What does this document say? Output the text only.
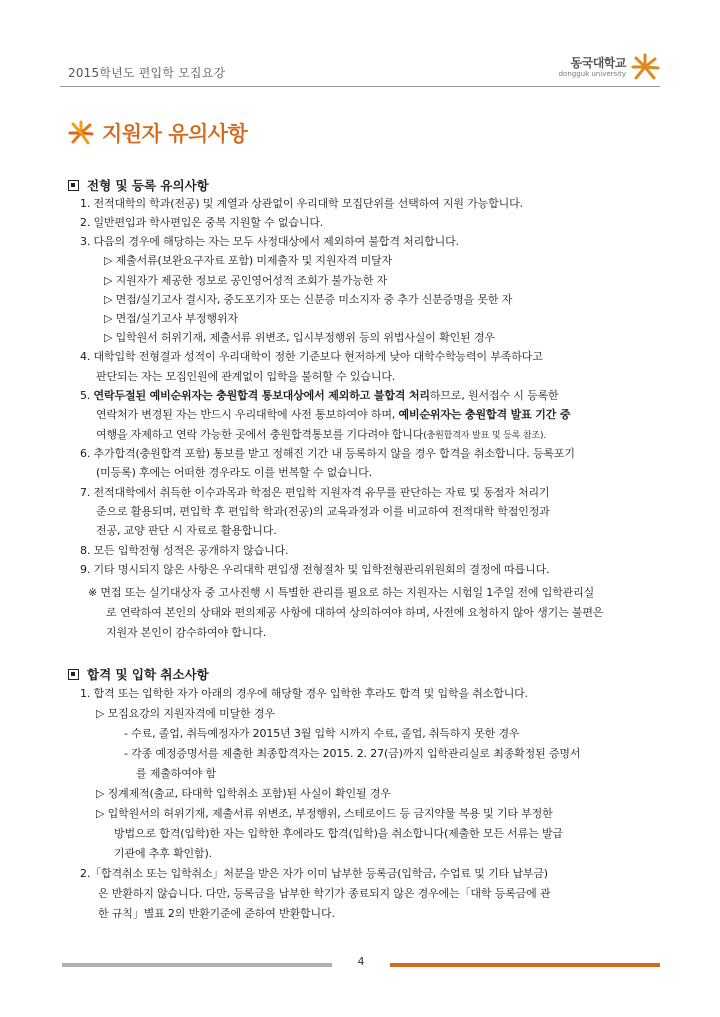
2015학년도 편입학 모집요강
동국대학교
dongguk university
지원자 유의사항
전형 및 등록 유의사항
1. 전적대학의 학과(전공) 및 계열과 상관없이 우리대학 모집단위를 선택하여 지원 가능합니다.
2. 일반편입과 학사편입은 중복 지원할 수 없습니다.
3. 다음의 경우에 해당하는 자는 모두 사정대상에서 제외하여 불합격 처리합니다.
▷ 제출서류(보완요구자료 포함) 미제출자 및 지원자격 미달자
▷ 지원자가 제공한 정보로 공인영어성적 조회가 불가능한 자
▷ 면접/실기고사 결시자, 중도포기자 또는 신분증 미소지자 중 추가 신분증명을 못한 자
▷ 면접/실기고사 부정행위자
▷ 입학원서 허위기재, 제출서류 위변조, 입시부정행위 등의 위법사실이 확인된 경우
4. 대학입학 전형결과 성적이 우리대학이 정한 기준보다 현저하게 낮아 대학수학능력이 부족하다고
판단되는 자는 모집인원에 관계없이 입학을 불허할 수 있습니다.
5. 연락두절된 예비순위자는 충원합격 통보대상에서 제외하고 불합격 처리하므로, 원서접수 시 등록한
연락처가 변경된 자는 반드시 우리대학에 사전 통보하여야 하며, 예비순위자는 충원합격 발표 기간 중
여행을 자제하고 연락 가능한 곳에서 충원합격통보를 기다려야 합니다(충원합격자 발표 및 등록 참조).
6. 추가합격(충원합격 포함) 통보를 받고 정해진 기간 내 등록하지 않을 경우 합격을 취소합니다. 등록포기
(미등록) 후에는 어떠한 경우라도 이를 번복할 수 없습니다.
7. 전적대학에서 취득한 이수과목과 학점은 편입학 지원자격 유무를 판단하는 자료 및 동점자 처리기
준으로 활용되며, 편입학 후 편입학 학과(전공)의 교육과정과 이를 비교하여 전적대학 학점인정과
전공, 교양 판단 시 자료로 활용합니다.
8. 모든 입학전형 성적은 공개하지 않습니다.
9. 기타 명시되지 않은 사항은 우리대학 편입생 전형절차 및 입학전형관리위원회의 결정에 따릅니다.
※ 면접 또는 실기대상자 중 고사진행 시 특별한 관리를 필요로 하는 지원자는 시험일 1주일 전에 입학관리실
로 연락하여 본인의 상태와 편의제공 사항에 대하여 상의하여야 하며, 사전에 요청하지 않아 생기는 불편은
지원자 본인이 감수하여야 합니다.
합격 및 입학 취소사항
1. 합격 또는 입학한 자가 아래의 경우에 해당할 경우 입학한 후라도 합격 및 입학을 취소합니다.
▷ 모집요강의 지원자격에 미달한 경우
- 수료, 졸업, 취득예정자가 2015년 3월 입학 시까지 수료, 졸업, 취득하지 못한 경우
- 각종 예정증명서를 제출한 최종합격자는 2015. 2. 27(금)까지 입학관리실로 최종확정된 증명서
를 제출하여야 함
▷ 징계제적(출교, 타대학 입학취소 포함)된 사실이 확인될 경우
▷ 입학원서의 허위기재, 제출서류 위변조, 부정행위, 스테로이드 등 금지약물 복용 및 기타 부정한
방법으로 합격(입학)한 자는 입학한 후에라도 합격(입학)을 취소합니다(제출한 모든 서류는 발급
기관에 추후 확인함).
2.「합격취소 또는 입학취소」처분을 받은 자가 이미 납부한 등록금(입학금, 수업료 및 기타 납부금)
은 반환하지 않습니다. 다만, 등록금을 납부한 학기가 종료되지 않은 경우에는「대학 등록금에 관
한 규칙」별표 2의 반환기준에 준하여 반환합니다.
4
